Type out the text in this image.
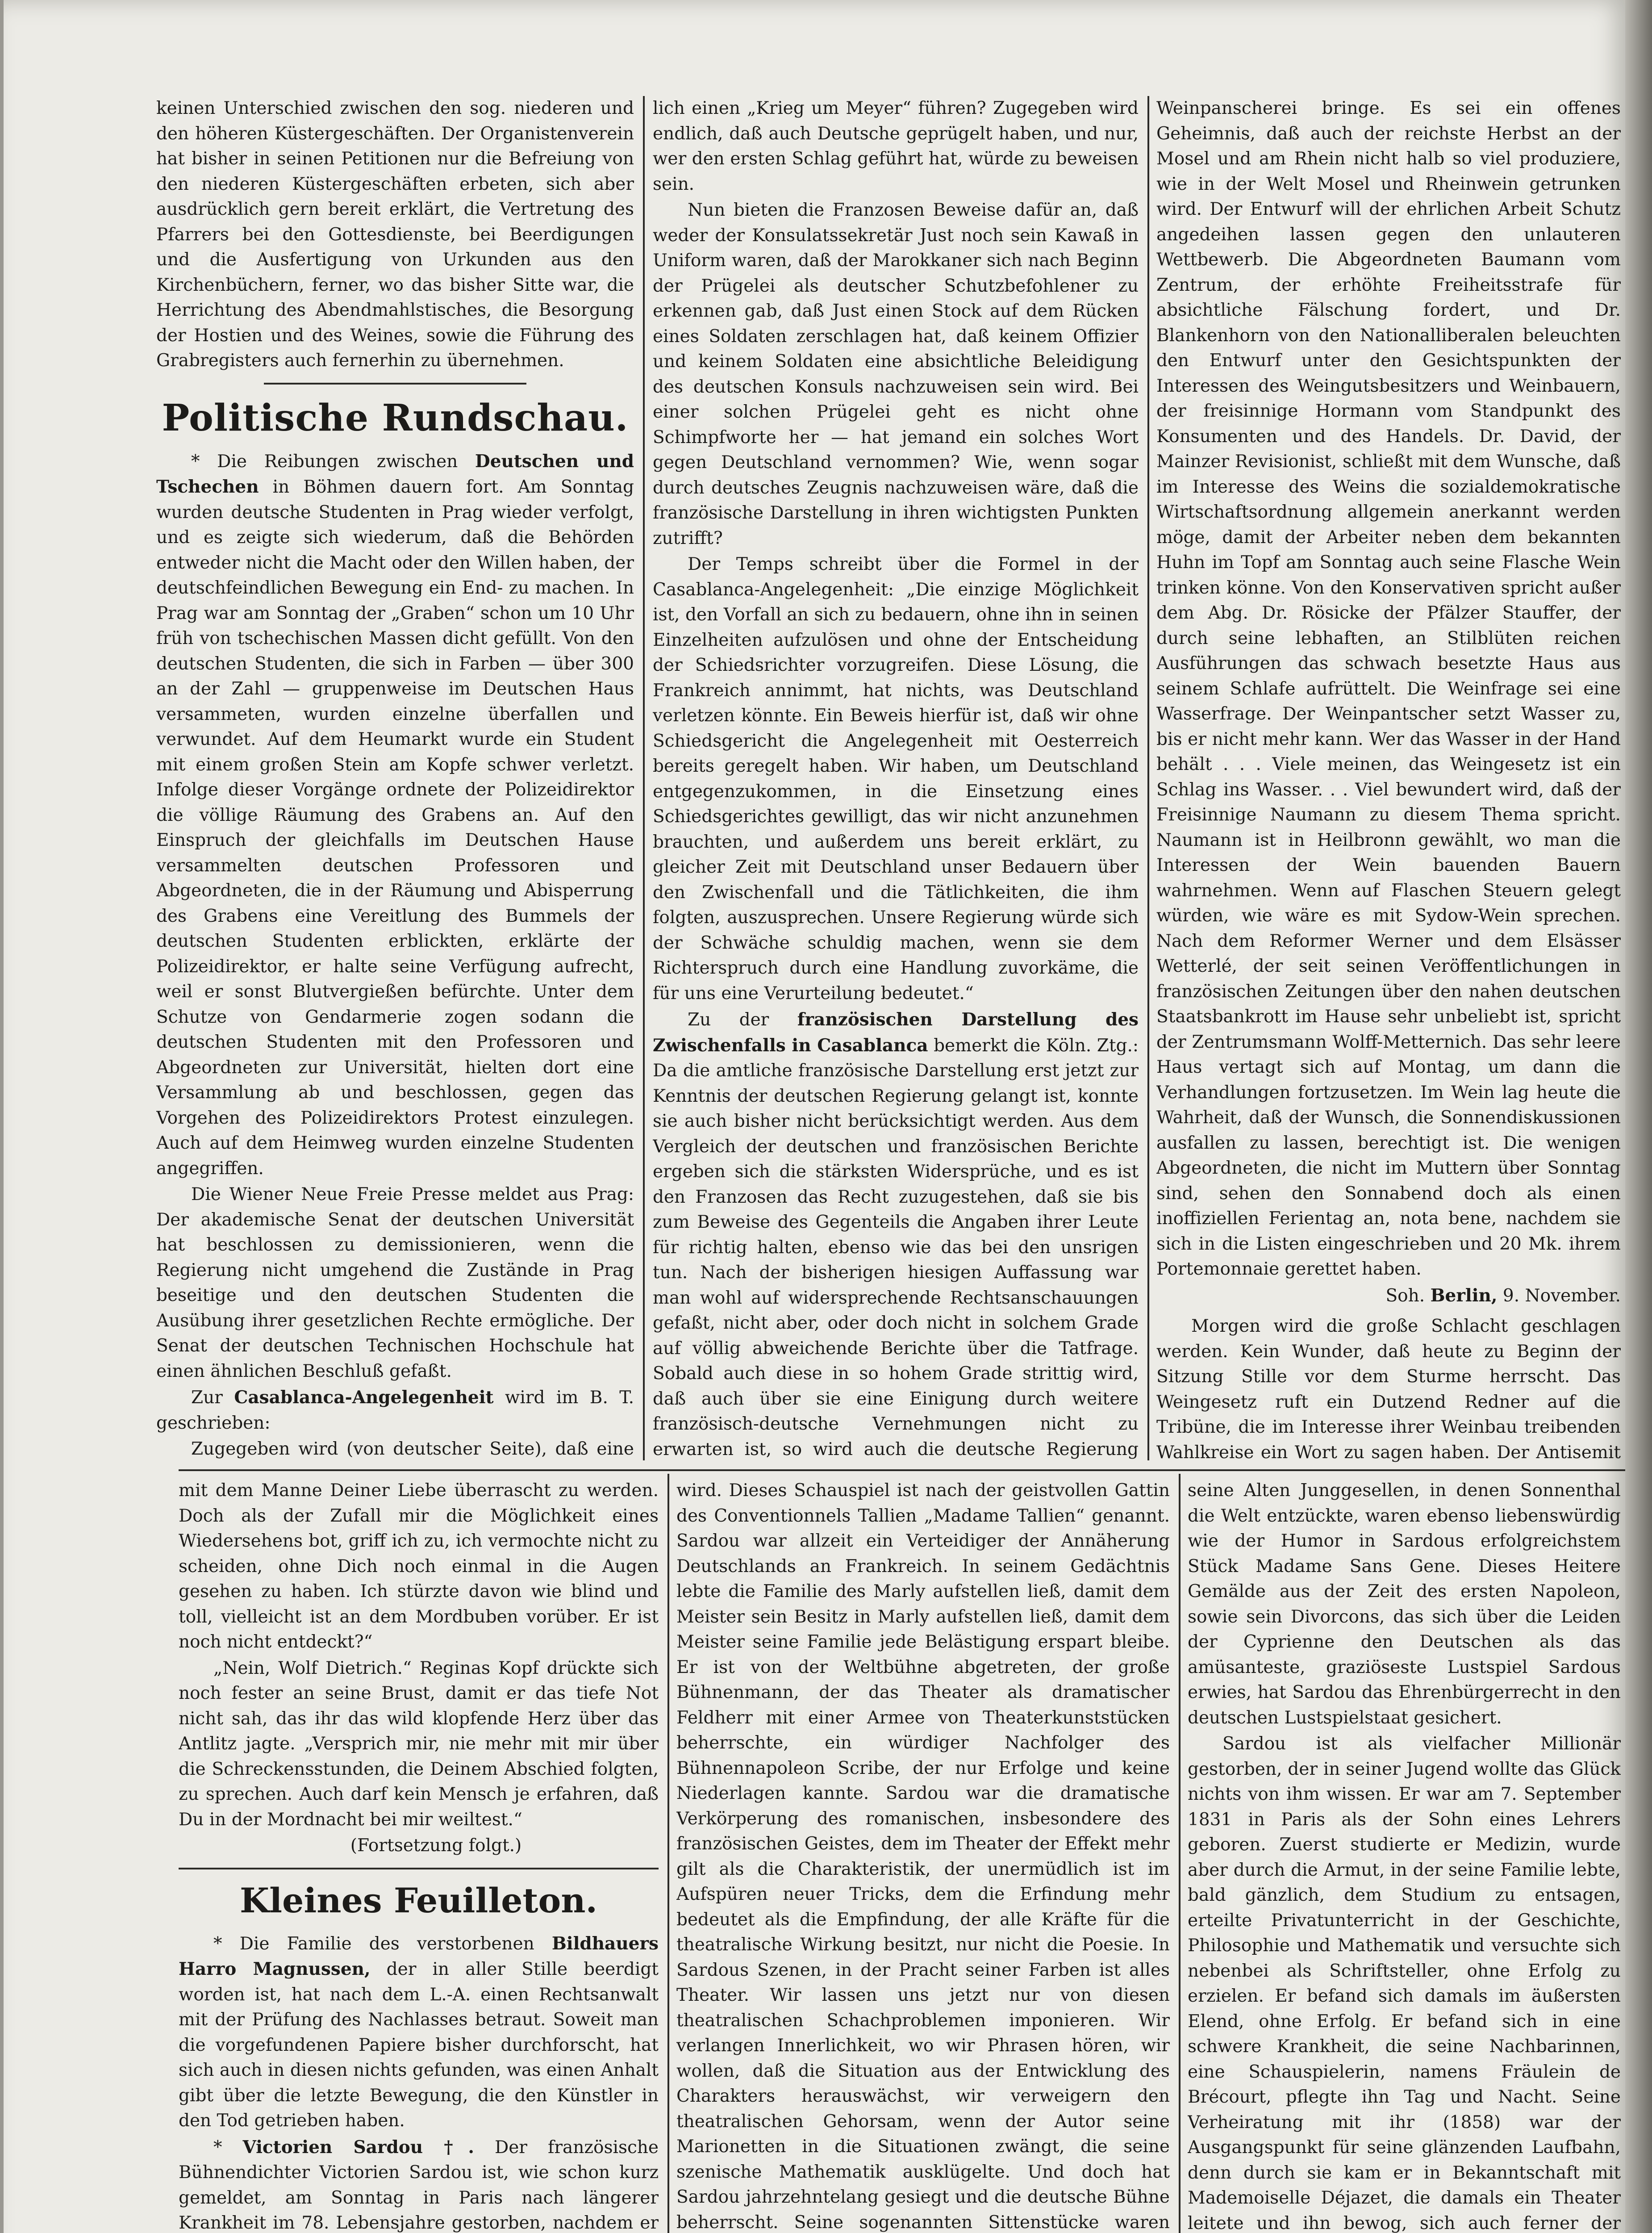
keinen Unterschied zwischen den sog. niederen und den höheren Küstergeschäften. Der Organistenverein hat bisher in seinen Petitionen nur die Befreiung von den niederen Küstergeschäften erbeten, sich aber ausdrücklich gern bereit erklärt, die Vertretung des Pfarrers bei den Gottesdienste, bei Beerdigungen und die Ausfertigung von Urkunden aus den Kirchenbüchern, ferner, wo das bisher Sitte war, die Herrichtung des Abendmahlstisches, die Besorgung der Hostien und des Weines, sowie die Führung des Grabregisters auch fernerhin zu übernehmen.

Politische Rundschau.

* Die Reibungen zwischen Deutschen und Tschechen in Böhmen dauern fort. Am Sonntag wurden deutsche Studenten in Prag wieder verfolgt, und es zeigte sich wiederum, daß die Behörden entweder nicht die Macht oder den Willen haben, der deutschfeindlichen Bewegung ein End- zu machen. In Prag war am Sonntag der „Graben“ schon um 10 Uhr früh von tschechischen Massen dicht gefüllt. Von den deutschen Studenten, die sich in Farben — über 300 an der Zahl — gruppenweise im Deutschen Haus versammeten, wurden einzelne überfallen und verwundet. Auf dem Heumarkt wurde ein Student mit einem großen Stein am Kopfe schwer verletzt. Infolge dieser Vorgänge ordnete der Polizeidirektor die völlige Räumung des Grabens an. Auf den Einspruch der gleichfalls im Deutschen Hause versammelten deutschen Professoren und Abgeordneten, die in der Räumung und Abisperrung des Grabens eine Vereitlung des Bummels der deutschen Studenten erblickten, erklärte der Polizeidirektor, er halte seine Verfügung aufrecht, weil er sonst Blutvergießen befürchte. Unter dem Schutze von Gendarmerie zogen sodann die deutschen Studenten mit den Professoren und Abgeordneten zur Universität, hielten dort eine Versammlung ab und beschlossen, gegen das Vorgehen des Polizeidirektors Protest einzulegen. Auch auf dem Heimweg wurden einzelne Studenten angegriffen.

Die Wiener Neue Freie Presse meldet aus Prag: Der akademische Senat der deutschen Universität hat beschlossen zu demissionieren, wenn die Regierung nicht umgehend die Zustände in Prag beseitige und den deutschen Studenten die Ausübung ihrer gesetzlichen Rechte ermögliche. Der Senat der deutschen Technischen Hochschule hat einen ähnlichen Beschluß gefaßt.

Zur Casablanca-Angelegenheit wird im B. T. geschrieben:

Zugegeben wird (von deutscher Seite), daß eine

lich einen „Krieg um Meyer“ führen? Zugegeben wird endlich, daß auch Deutsche geprügelt haben, und nur, wer den ersten Schlag geführt hat, würde zu beweisen sein.

Nun bieten die Franzosen Beweise dafür an, daß weder der Konsulatssekretär Just noch sein Kawaß in Uniform waren, daß der Marokkaner sich nach Beginn der Prügelei als deutscher Schutzbefohlener zu erkennen gab, daß Just einen Stock auf dem Rücken eines Soldaten zerschlagen hat, daß keinem Offizier und keinem Soldaten eine absichtliche Beleidigung des deutschen Konsuls nachzuweisen sein wird. Bei einer solchen Prügelei geht es nicht ohne Schimpfworte her — hat jemand ein solches Wort gegen Deutschland vernommen? Wie, wenn sogar durch deutsches Zeugnis nachzuweisen wäre, daß die französische Darstellung in ihren wichtigsten Punkten zutrifft?

Der Temps schreibt über die Formel in der Casablanca-Angelegenheit: „Die einzige Möglichkeit ist, den Vorfall an sich zu bedauern, ohne ihn in seinen Einzelheiten aufzulösen und ohne der Entscheidung der Schiedsrichter vorzugreifen. Diese Lösung, die Frankreich annimmt, hat nichts, was Deutschland verletzen könnte. Ein Beweis hierfür ist, daß wir ohne Schiedsgericht die Angelegenheit mit Oesterreich bereits geregelt haben. Wir haben, um Deutschland entgegenzukommen, in die Einsetzung eines Schiedsgerichtes gewilligt, das wir nicht anzunehmen brauchten, und außerdem uns bereit erklärt, zu gleicher Zeit mit Deutschland unser Bedauern über den Zwischenfall und die Tätlichkeiten, die ihm folgten, auszusprechen. Unsere Regierung würde sich der Schwäche schuldig machen, wenn sie dem Richterspruch durch eine Handlung zuvorkäme, die für uns eine Verurteilung bedeutet.“

Zu der französischen Darstellung des Zwischenfalls in Casablanca bemerkt die Köln. Ztg.: Da die amtliche französische Darstellung erst jetzt zur Kenntnis der deutschen Regierung gelangt ist, konnte sie auch bisher nicht berücksichtigt werden. Aus dem Vergleich der deutschen und französischen Berichte ergeben sich die stärksten Widersprüche, und es ist den Franzosen das Recht zuzugestehen, daß sie bis zum Beweise des Gegenteils die Angaben ihrer Leute für richtig halten, ebenso wie das bei den unsrigen tun. Nach der bisherigen hiesigen Auffassung war man wohl auf widersprechende Rechtsanschauungen gefaßt, nicht aber, oder doch nicht in solchem Grade auf völlig abweichende Berichte über die Tatfrage. Sobald auch diese in so hohem Grade strittig wird, daß auch über sie eine Einigung durch weitere französisch-deutsche Vernehmungen nicht zu erwarten ist, so wird auch die deutsche Regierung

Weinpanscherei bringe. Es sei ein offenes Geheimnis, daß auch der reichste Herbst an der Mosel und am Rhein nicht halb so viel produziere, wie in der Welt Mosel und Rheinwein getrunken wird. Der Entwurf will der ehrlichen Arbeit Schutz angedeihen lassen gegen den unlauteren Wettbewerb. Die Abgeordneten Baumann vom Zentrum, der erhöhte Freiheitsstrafe für absichtliche Fälschung fordert, und Dr. Blankenhorn von den Nationalliberalen beleuchten den Entwurf unter den Gesichtspunkten der Interessen des Weingutsbesitzers und Weinbauern, der freisinnige Hormann vom Standpunkt des Konsumenten und des Handels. Dr. David, der Mainzer Revisionist, schließt mit dem Wunsche, daß im Interesse des Weins die sozialdemokratische Wirtschaftsordnung allgemein anerkannt werden möge, damit der Arbeiter neben dem bekannten Huhn im Topf am Sonntag auch seine Flasche Wein trinken könne. Von den Konservativen spricht außer dem Abg. Dr. Rösicke der Pfälzer Stauffer, der durch seine lebhaften, an Stilblüten reichen Ausführungen das schwach besetzte Haus aus seinem Schlafe aufrüttelt. Die Weinfrage sei eine Wasserfrage. Der Weinpantscher setzt Wasser zu, bis er nicht mehr kann. Wer das Wasser in der Hand behält . . . Viele meinen, das Weingesetz ist ein Schlag ins Wasser. . . Viel bewundert wird, daß der Freisinnige Naumann zu diesem Thema spricht. Naumann ist in Heilbronn gewählt, wo man die Interessen der Wein bauenden Bauern wahrnehmen. Wenn auf Flaschen Steuern gelegt würden, wie wäre es mit Sydow-Wein sprechen. Nach dem Reformer Werner und dem Elsässer Wetterlé, der seit seinen Veröffentlichungen in französischen Zeitungen über den nahen deutschen Staatsbankrott im Hause sehr unbeliebt ist, spricht der Zentrumsmann Wolff-Metternich. Das sehr leere Haus vertagt sich auf Montag, um dann die Verhandlungen fortzusetzen. Im Wein lag heute die Wahrheit, daß der Wunsch, die Sonnendiskussionen ausfallen zu lassen, berechtigt ist. Die wenigen Abgeordneten, die nicht im Muttern über Sonntag sind, sehen den Sonnabend doch als einen inoffiziellen Ferientag an, nota bene, nachdem sie sich in die Listen eingeschrieben und 20 Mk. ihrem Portemonnaie gerettet haben.

Soh. Berlin, 9. November.

Morgen wird die große Schlacht geschlagen werden. Kein Wunder, daß heute zu Beginn der Sitzung Stille vor dem Sturme herrscht. Das Weingesetz ruft ein Dutzend Redner auf die Tribüne, die im Interesse ihrer Weinbau treibenden Wahlkreise ein Wort zu sagen haben. Der Antisemit

mit dem Manne Deiner Liebe überrascht zu werden. Doch als der Zufall mir die Möglichkeit eines Wiedersehens bot, griff ich zu, ich vermochte nicht zu scheiden, ohne Dich noch einmal in die Augen gesehen zu haben. Ich stürzte davon wie blind und toll, vielleicht ist an dem Mordbuben vorüber. Er ist noch nicht entdeckt?“

„Nein, Wolf Dietrich.“ Reginas Kopf drückte sich noch fester an seine Brust, damit er das tiefe Not nicht sah, das ihr das wild klopfende Herz über das Antlitz jagte. „Versprich mir, nie mehr mit mir über die Schreckensstunden, die Deinem Abschied folgten, zu sprechen. Auch darf kein Mensch je erfahren, daß Du in der Mordnacht bei mir weiltest.“

(Fortsetzung folgt.)

Kleines Feuilleton.

* Die Familie des verstorbenen Bildhauers Harro Magnussen, der in aller Stille beerdigt worden ist, hat nach dem L.-A. einen Rechtsanwalt mit der Prüfung des Nachlasses betraut. Soweit man die vorgefundenen Papiere bisher durchforscht, hat sich auch in diesen nichts gefunden, was einen Anhalt gibt über die letzte Bewegung, die den Künstler in den Tod getrieben haben.

* Victorien Sardou †. Der französische Bühnendichter Victorien Sardou ist, wie schon kurz gemeldet, am Sonntag in Paris nach längerer Krankheit im 78. Lebensjahre gestorben, nachdem er

wird. Dieses Schauspiel ist nach der geistvollen Gattin des Conventionnels Tallien „Madame Tallien“ genannt. Sardou war allzeit ein Verteidiger der Annäherung Deutschlands an Frankreich. In seinem Gedächtnis lebte die Familie des Marly aufstellen ließ, damit dem Meister sein Besitz in Marly aufstellen ließ, damit dem Meister seine Familie jede Belästigung erspart bleibe. Er ist von der Weltbühne abgetreten, der große Bühnenmann, der das Theater als dramatischer Feldherr mit einer Armee von Theaterkunststücken beherrschte, ein würdiger Nachfolger des Bühnennapoleon Scribe, der nur Erfolge und keine Niederlagen kannte. Sardou war die dramatische Verkörperung des romanischen, insbesondere des französischen Geistes, dem im Theater der Effekt mehr gilt als die Charakteristik, der unermüdlich ist im Aufspüren neuer Tricks, dem die Erfindung mehr bedeutet als die Empfindung, der alle Kräfte für die theatralische Wirkung besitzt, nur nicht die Poesie. In Sardous Szenen, in der Pracht seiner Farben ist alles Theater. Wir lassen uns jetzt nur von diesen theatralischen Schachproblemen imponieren. Wir verlangen Innerlichkeit, wo wir Phrasen hören, wir wollen, daß die Situation aus der Entwicklung des Charakters herauswächst, wir verweigern den theatralischen Gehorsam, wenn der Autor seine Marionetten in die Situationen zwängt, die seine szenische Mathematik ausklügelte. Und doch hat Sardou jahrzehntelang gesiegt und die deutsche Bühne beherrscht. Seine sogenannten Sittenstücke waren

seine Alten Junggesellen, in denen Sonnenthal die Welt entzückte, waren ebenso liebenswürdig wie der Humor in Sardous erfolgreichstem Stück Madame Sans Gene. Dieses Heitere Gemälde aus der Zeit des ersten Napoleon, sowie sein Divorcons, das sich über die Leiden der Cyprienne den Deutschen als das amüsanteste, graziöseste Lustspiel Sardous erwies, hat Sardou das Ehrenbürgerrecht in den deutschen Lustspielstaat gesichert.

Sardou ist als vielfacher Millionär gestorben, der in seiner Jugend wollte das Glück nichts von ihm wissen. Er war am 7. September 1831 in Paris als der Sohn eines Lehrers geboren. Zuerst studierte er Medizin, wurde aber durch die Armut, in der seine Familie lebte, bald gänzlich, dem Studium zu entsagen, erteilte Privatunterricht in der Geschichte, Philosophie und Mathematik und versuchte sich nebenbei als Schriftsteller, ohne Erfolg zu erzielen. Er befand sich damals im äußersten Elend, ohne Erfolg. Er befand sich in eine schwere Krankheit, die seine Nachbarinnen, eine Schauspielerin, namens Fräulein de Brécourt, pflegte ihn Tag und Nacht. Seine Verheiratung mit ihr (1858) war der Ausgangspunkt für seine glänzenden Laufbahn, denn durch sie kam er in Bekanntschaft mit Mademoiselle Déjazet, die damals ein Theater leitete und ihn bewog, sich auch ferner der
